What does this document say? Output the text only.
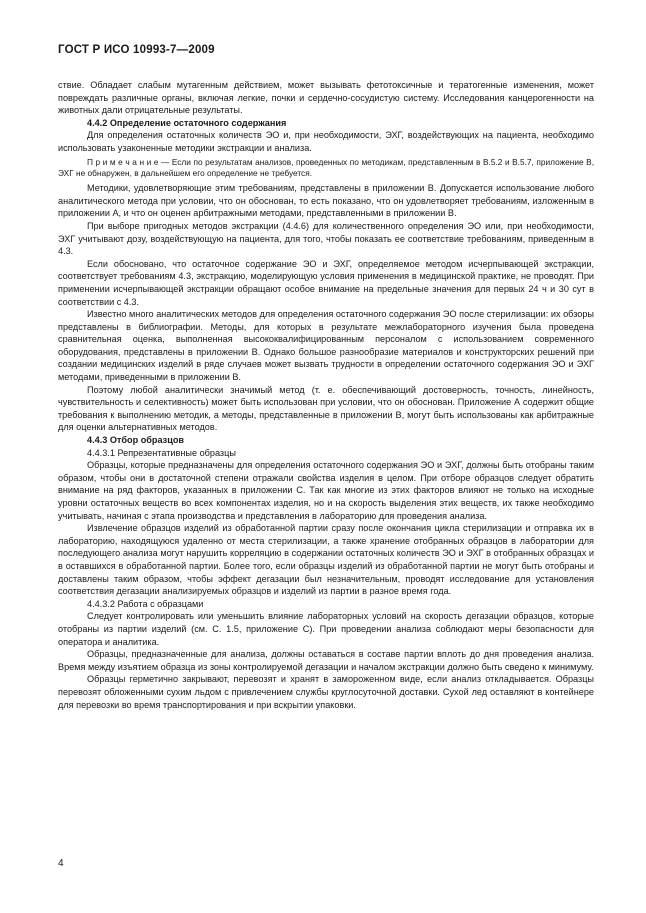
ГОСТ Р ИСО 10993-7—2009

ствие. Обладает слабым мутагенным действием, может вызывать фетотоксичные и тератогенные изменения, может повреждать различные органы, включая легкие, почки и сердечно-сосудистую систему. Исследования канцерогенности на животных дали отрицательные результаты.

4.4.2 Определение остаточного содержания

Для определения остаточных количеств ЭО и, при необходимости, ЭХГ, воздействующих на пациента, необходимо использовать узаконенные методики экстракции и анализа.

П р и м е ч а н и е — Если по результатам анализов, проведенных по методикам, представленным в В.5.2 и В.5.7, приложение В, ЭХГ не обнаружен, в дальнейшем его определение не требуется.

Методики, удовлетворяющие этим требованиям, представлены в приложении В. Допускается использование любого аналитического метода при условии, что он обоснован, то есть показано, что он удовлетворяет требованиям, изложенным в приложении А, и что он оценен арбитражными методами, представленными в приложении В.

При выборе пригодных методов экстракции (4.4.6) для количественного определения ЭО или, при необходимости, ЭХГ учитывают дозу, воздействующую на пациента, для того, чтобы показать ее соответствие требованиям, приведенным в 4.3.

Если обосновано, что остаточное содержание ЭО и ЭХГ, определяемое методом исчерпывающей экстракции, соответствует требованиям 4.3, экстракцию, моделирующую условия применения в медицинской практике, не проводят. При применении исчерпывающей экстракции обращают особое внимание на предельные значения для первых 24 ч и 30 сут в соответствии с 4.3.

Известно много аналитических методов для определения остаточного содержания ЭО после стерилизации: их обзоры представлены в библиографии. Методы, для которых в результате межлабораторного изучения была проведена сравнительная оценка, выполненная высококвалифицированным персоналом с использованием современного оборудования, представлены в приложении В. Однако большое разнообразие материалов и конструкторских решений при создании медицинских изделий в ряде случаев может вызвать трудности в определении остаточного содержания ЭО и ЭХГ методами, приведенными в приложении В.

Поэтому любой аналитически значимый метод (т. е. обеспечивающий достоверность, точность, линейность, чувствительность и селективность) может быть использован при условии, что он обоснован. Приложение А содержит общие требования к выполнению методик, а методы, представленные в приложении В, могут быть использованы как арбитражные для оценки альтернативных методов.

4.4.3 Отбор образцов

4.4.3.1 Репрезентативные образцы

Образцы, которые предназначены для определения остаточного содержания ЭО и ЭХГ, должны быть отобраны таким образом, чтобы они в достаточной степени отражали свойства изделия в целом. При отборе образцов следует обратить внимание на ряд факторов, указанных в приложении С. Так как многие из этих факторов влияют не только на исходные уровни остаточных веществ во всех компонентах изделия, но и на скорость выделения этих веществ, их также необходимо учитывать, начиная с этапа производства и представления в лабораторию для проведения анализа.

Извлечение образцов изделий из обработанной партии сразу после окончания цикла стерилизации и отправка их в лабораторию, находящуюся удаленно от места стерилизации, а также хранение отобранных образцов в лаборатории для последующего анализа могут нарушить корреляцию в содержании остаточных количеств ЭО и ЭХГ в отобранных образцах и в оставшихся в обработанной партии. Более того, если образцы изделий из обработанной партии не могут быть отобраны и доставлены таким образом, чтобы эффект дегазации был незначительным, проводят исследование для установления соответствия дегазации анализируемых образцов и изделий из партии в разное время года.

4.4.3.2 Работа с образцами

Следует контролировать или уменьшить влияние лабораторных условий на скорость дегазации образцов, которые отобраны из партии изделий (см. С. 1.5, приложение С). При проведении анализа соблюдают меры безопасности для оператора и аналитика.

Образцы, предназначенные для анализа, должны оставаться в составе партии вплоть до дня проведения анализа. Время между изъятием образца из зоны контролируемой дегазации и началом экстракции должно быть сведено к минимуму.

Образцы герметично закрывают, перевозят и хранят в замороженном виде, если анализ откладывается. Образцы перевозят обложенными сухим льдом с привлечением службы круглосуточной доставки. Сухой лед оставляют в контейнере для перевозки во время транспортирования и при вскрытии упаковки.

4
